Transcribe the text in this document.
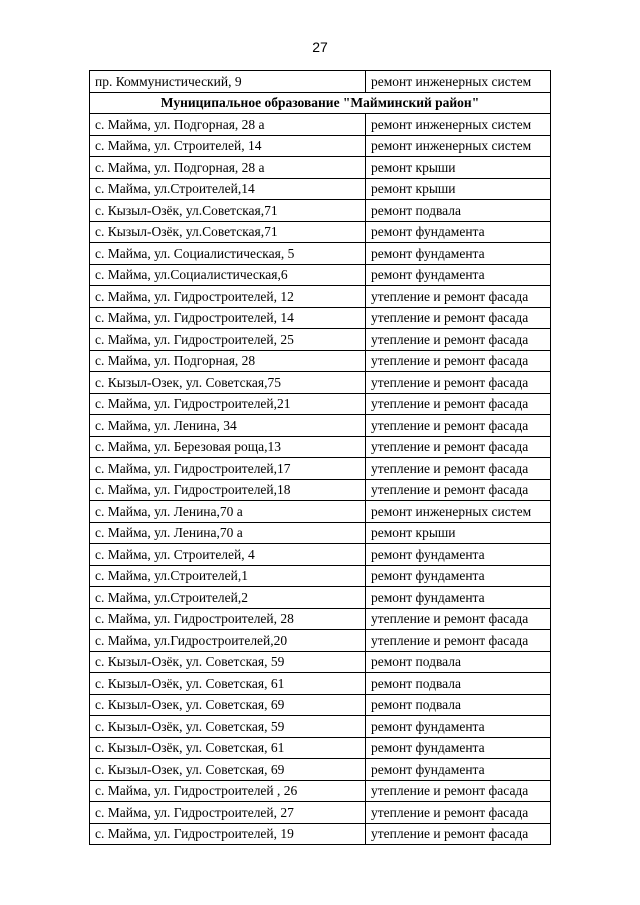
27
пр. Коммунистический, 9	ремонт инженерных систем
Муниципальное образование "Майминский район"	
с. Майма, ул. Подгорная, 28 а	ремонт инженерных систем
с. Майма, ул. Строителей, 14	ремонт инженерных систем
с. Майма, ул. Подгорная, 28 а	ремонт крыши
с. Майма, ул.Строителей,14	ремонт крыши
с. Кызыл-Озёк, ул.Советская,71	ремонт подвала
с. Кызыл-Озёк, ул.Советская,71	ремонт фундамента
с. Майма, ул. Социалистическая, 5	ремонт фундамента
с. Майма, ул.Социалистическая,6	ремонт фундамента
с. Майма, ул. Гидростроителей, 12	утепление и ремонт фасада
с. Майма, ул. Гидростроителей, 14	утепление и ремонт фасада
с. Майма, ул. Гидростроителей, 25	утепление и ремонт фасада
с. Майма, ул. Подгорная, 28	утепление и ремонт фасада
с. Кызыл-Озек, ул. Советская,75	утепление и ремонт фасада
с. Майма, ул. Гидростроителей,21	утепление и ремонт фасада
с. Майма, ул. Ленина, 34	утепление и ремонт фасада
с. Майма, ул. Березовая роща,13	утепление и ремонт фасада
с. Майма, ул. Гидростроителей,17	утепление и ремонт фасада
с. Майма, ул. Гидростроителей,18	утепление и ремонт фасада
с. Майма, ул. Ленина,70 а	ремонт инженерных систем
с. Майма, ул. Ленина,70 а	ремонт крыши
с. Майма, ул. Строителей, 4	ремонт фундамента
с. Майма, ул.Строителей,1	ремонт фундамента
с. Майма, ул.Строителей,2	ремонт фундамента
с. Майма, ул. Гидростроителей, 28	утепление и ремонт фасада
с. Майма, ул.Гидростроителей,20	утепление и ремонт фасада
с. Кызыл-Озёк, ул. Советская, 59	ремонт подвала
с. Кызыл-Озёк, ул. Советская, 61	ремонт подвала
с. Кызыл-Озек, ул. Советская, 69	ремонт подвала
с. Кызыл-Озёк, ул. Советская, 59	ремонт фундамента
с. Кызыл-Озёк, ул. Советская, 61	ремонт фундамента
с. Кызыл-Озек, ул. Советская, 69	ремонт фундамента
с. Майма, ул. Гидростроителей , 26	утепление и ремонт фасада
с. Майма, ул. Гидростроителей, 27	утепление и ремонт фасада
с. Майма, ул. Гидростроителей, 19	утепление и ремонт фасада
